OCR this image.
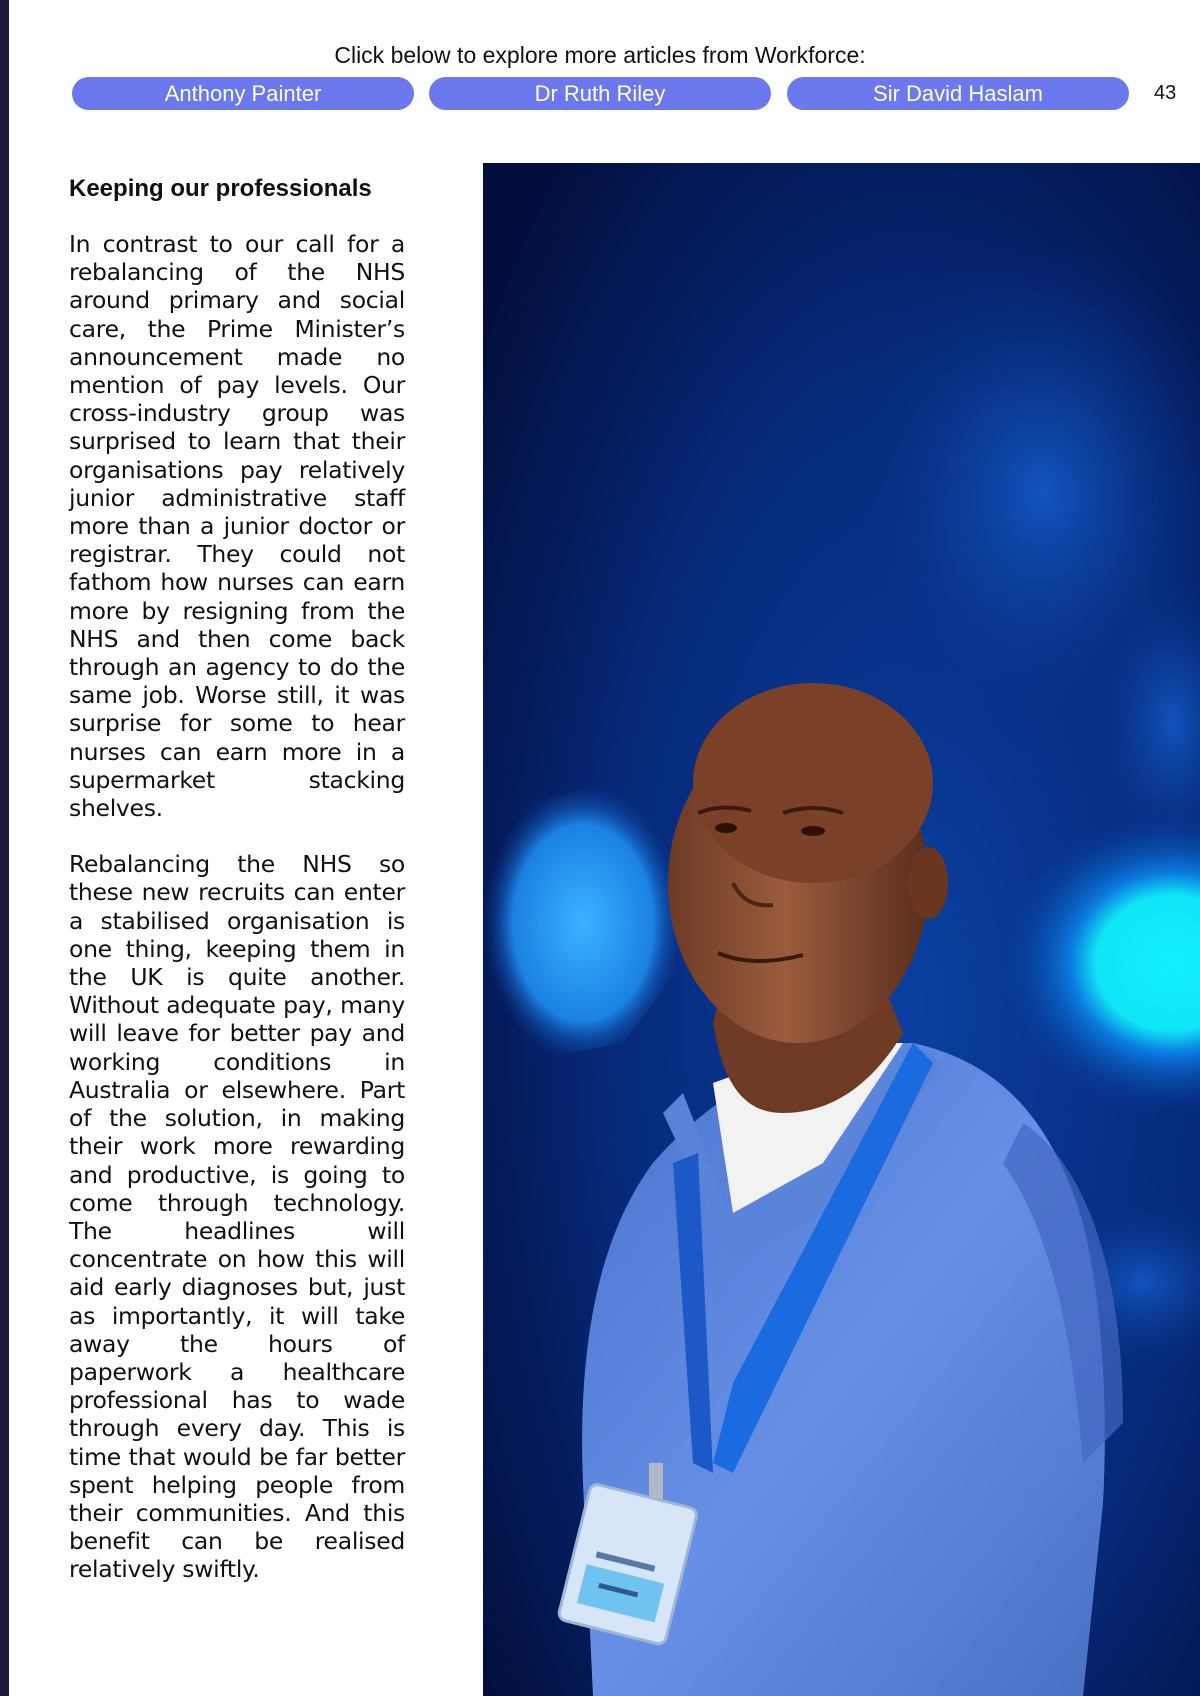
Click below to explore more articles from Workforce:
Anthony Painter	Dr Ruth Riley	Sir David Haslam	43
Keeping our professionals

In contrast to our call for a rebalancing of the NHS around primary and social care, the Prime Minister’s announcement made no mention of pay levels. Our cross-industry group was surprised to learn that their organisations pay relatively junior administrative staff more than a junior doctor or registrar. They could not fathom how nurses can earn more by resigning from the NHS and then come back through an agency to do the same job. Worse still, it was surprise for some to hear nurses can earn more in a supermarket stacking shelves.

Rebalancing the NHS so these new recruits can enter a stabilised organisation is one thing, keeping them in the UK is quite another. Without adequate pay, many will leave for better pay and working conditions in Australia or elsewhere. Part of the solution, in making their work more rewarding and productive, is going to come through technology. The headlines will concentrate on how this will aid early diagnoses but, just as importantly, it will take away the hours of paperwork a healthcare professional has to wade through every day. This is time that would be far better spent helping people from their communities. And this benefit can be realised relatively swiftly.
